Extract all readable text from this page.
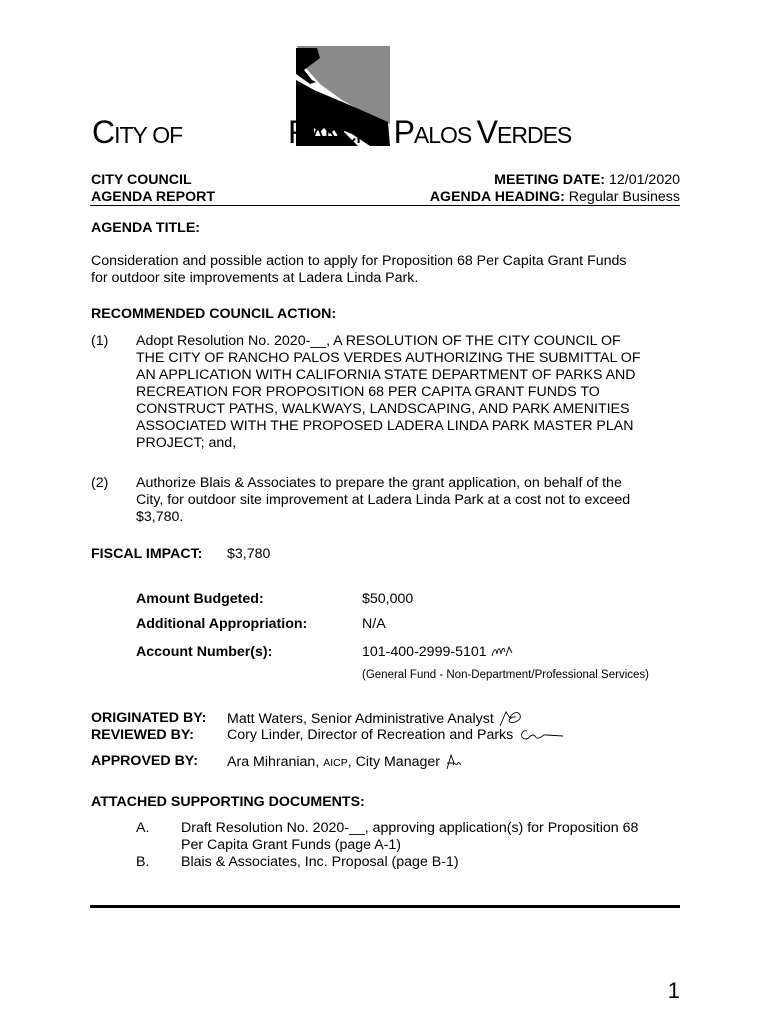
CITY OF	RANCHO PALOS VERDES
CITY COUNCIL
AGENDA REPORT
MEETING DATE: 12/01/2020
AGENDA HEADING: Regular Business
AGENDA TITLE:
Consideration and possible action to apply for Proposition 68 Per Capita Grant Funds
for outdoor site improvements at Ladera Linda Park.
RECOMMENDED COUNCIL ACTION:
(1) Adopt Resolution No. 2020-__, A RESOLUTION OF THE CITY COUNCIL OF
THE CITY OF RANCHO PALOS VERDES AUTHORIZING THE SUBMITTAL OF
AN APPLICATION WITH CALIFORNIA STATE DEPARTMENT OF PARKS AND
RECREATION FOR PROPOSITION 68 PER CAPITA GRANT FUNDS TO
CONSTRUCT PATHS, WALKWAYS, LANDSCAPING, AND PARK AMENITIES
ASSOCIATED WITH THE PROPOSED LADERA LINDA PARK MASTER PLAN
PROJECT; and,
(2) Authorize Blais & Associates to prepare the grant application, on behalf of the
City, for outdoor site improvement at Ladera Linda Park at a cost not to exceed
$3,780.
FISCAL IMPACT: $3,780
Amount Budgeted:	$50,000
Additional Appropriation:	N/A
Account Number(s):	101-400-2999-5101
(General Fund - Non-Department/Professional Services)
ORIGINATED BY: Matt Waters, Senior Administrative Analyst
REVIEWED BY: Cory Linder, Director of Recreation and Parks
APPROVED BY: Ara Mihranian, AICP, City Manager
ATTACHED SUPPORTING DOCUMENTS:
A. Draft Resolution No. 2020-__, approving application(s) for Proposition 68
Per Capita Grant Funds (page A-1)
B. Blais & Associates, Inc. Proposal (page B-1)
1
